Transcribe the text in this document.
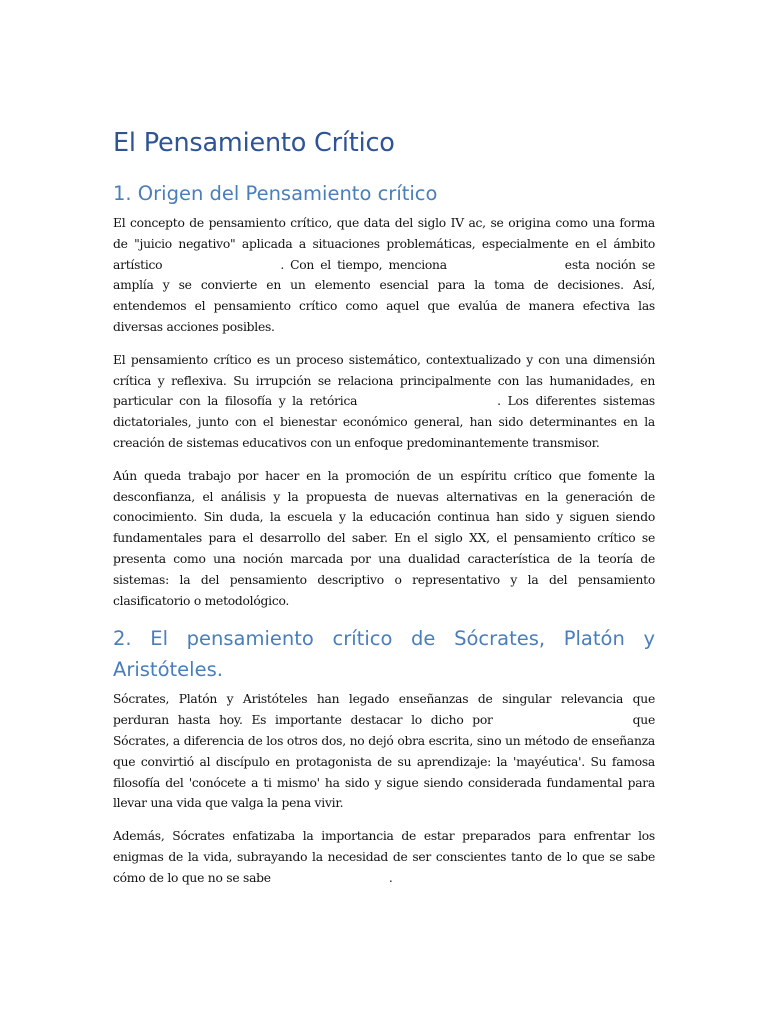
El Pensamiento Crítico
1. Origen del Pensamiento crítico

El concepto de pensamiento crítico, que data del siglo IV ac, se origina como una forma de "juicio negativo" aplicada a situaciones problemáticas, especialmente en el ámbito artístico	. Con el tiempo, menciona	esta noción se amplía y se convierte en un elemento esencial para la toma de decisiones. Así, entendemos el pensamiento crítico como aquel que evalúa de manera efectiva las diversas acciones posibles.

El pensamiento crítico es un proceso sistemático, contextualizado y con una dimensión crítica y reflexiva. Su irrupción se relaciona principalmente con las humanidades, en particular con la filosofía y la retórica	. Los diferentes sistemas dictatoriales, junto con el bienestar económico general, han sido determinantes en la creación de sistemas educativos con un enfoque predominantemente transmisor.

Aún queda trabajo por hacer en la promoción de un espíritu crítico que fomente la desconfianza, el análisis y la propuesta de nuevas alternativas en la generación de conocimiento. Sin duda, la escuela y la educación continua han sido y siguen siendo fundamentales para el desarrollo del saber. En el siglo XX, el pensamiento crítico se presenta como una noción marcada por una dualidad característica de la teoría de sistemas: la del pensamiento descriptivo o representativo y la del pensamiento clasificatorio o metodológico.

2. El pensamiento crítico de Sócrates, Platón y Aristóteles.

Sócrates, Platón y Aristóteles han legado enseñanzas de singular relevancia que perduran hasta hoy. Es importante destacar lo dicho por	que Sócrates, a diferencia de los otros dos, no dejó obra escrita, sino un método de enseñanza que convirtió al discípulo en protagonista de su aprendizaje: la 'mayéutica'. Su famosa filosofía del 'conócete a ti mismo' ha sido y sigue siendo considerada fundamental para llevar una vida que valga la pena vivir.

Además, Sócrates enfatizaba la importancia de estar preparados para enfrentar los enigmas de la vida, subrayando la necesidad de ser conscientes tanto de lo que se sabe cómo de lo que no se sabe	.
